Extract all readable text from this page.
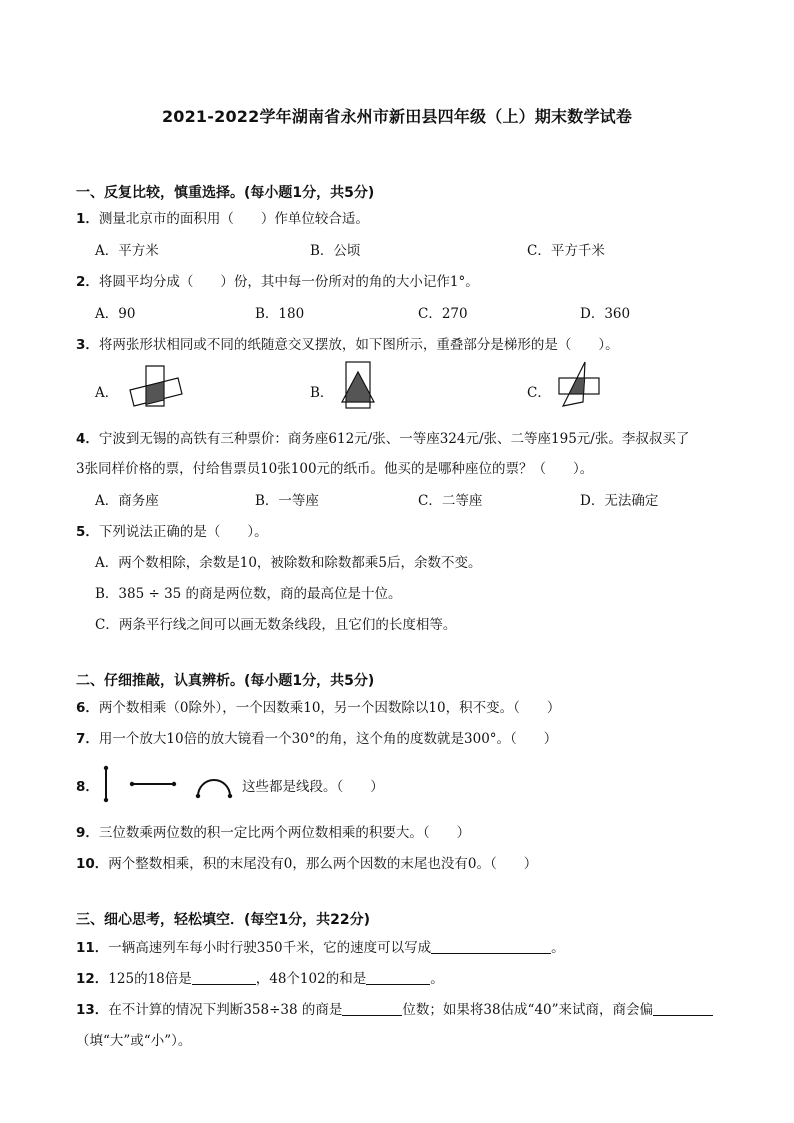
2021-2022学年湖南省永州市新田县四年级（上）期末数学试卷
一、反复比较，慎重选择。(每小题1分，共5分)
1．测量北京市的面积用（　　）作单位较合适。
A．平方米	B．公顷	C．平方千米
2．将圆平均分成（　　）份，其中每一份所对的角的大小记作1°。
A．90	B．180	C．270	D．360
3．将两张形状相同或不同的纸随意交叉摆放，如下图所示，重叠部分是梯形的是（　　）。
A．	B．	C．
4．宁波到无锡的高铁有三种票价：商务座612元/张、一等座324元/张、二等座195元/张。李叔叔买了
3张同样价格的票，付给售票员10张100元的纸币。他买的是哪种座位的票？（　　）。
A．商务座	B．一等座	C．二等座	D．无法确定
5．下列说法正确的是（　　）。
A．两个数相除，余数是10，被除数和除数都乘5后，余数不变。
B．385 ÷ 35 的商是两位数，商的最高位是十位。
C．两条平行线之间可以画无数条线段，且它们的长度相等。
二、仔细推敲，认真辨析。(每小题1分，共5分)
6．两个数相乘（0除外），一个因数乘10，另一个因数除以10，积不变。（　　）
7．用一个放大10倍的放大镜看一个30°的角，这个角的度数就是300°。（　　）
8．	这些都是线段。（　　）
9．三位数乘两位数的积一定比两个两位数相乘的积要大。（　　）
10．两个整数相乘，积的末尾没有0，那么两个因数的末尾也没有0。（　　）
三、细心思考，轻松填空．(每空1分，共22分)
11．一辆高速列车每小时行驶350千米，它的速度可以写成	。
12．125的18倍是	，48个102的和是	。
13．在不计算的情况下判断358÷38 的商是	位数；如果将38估成“40”来试商，商会偏
（填“大”或“小”）。
